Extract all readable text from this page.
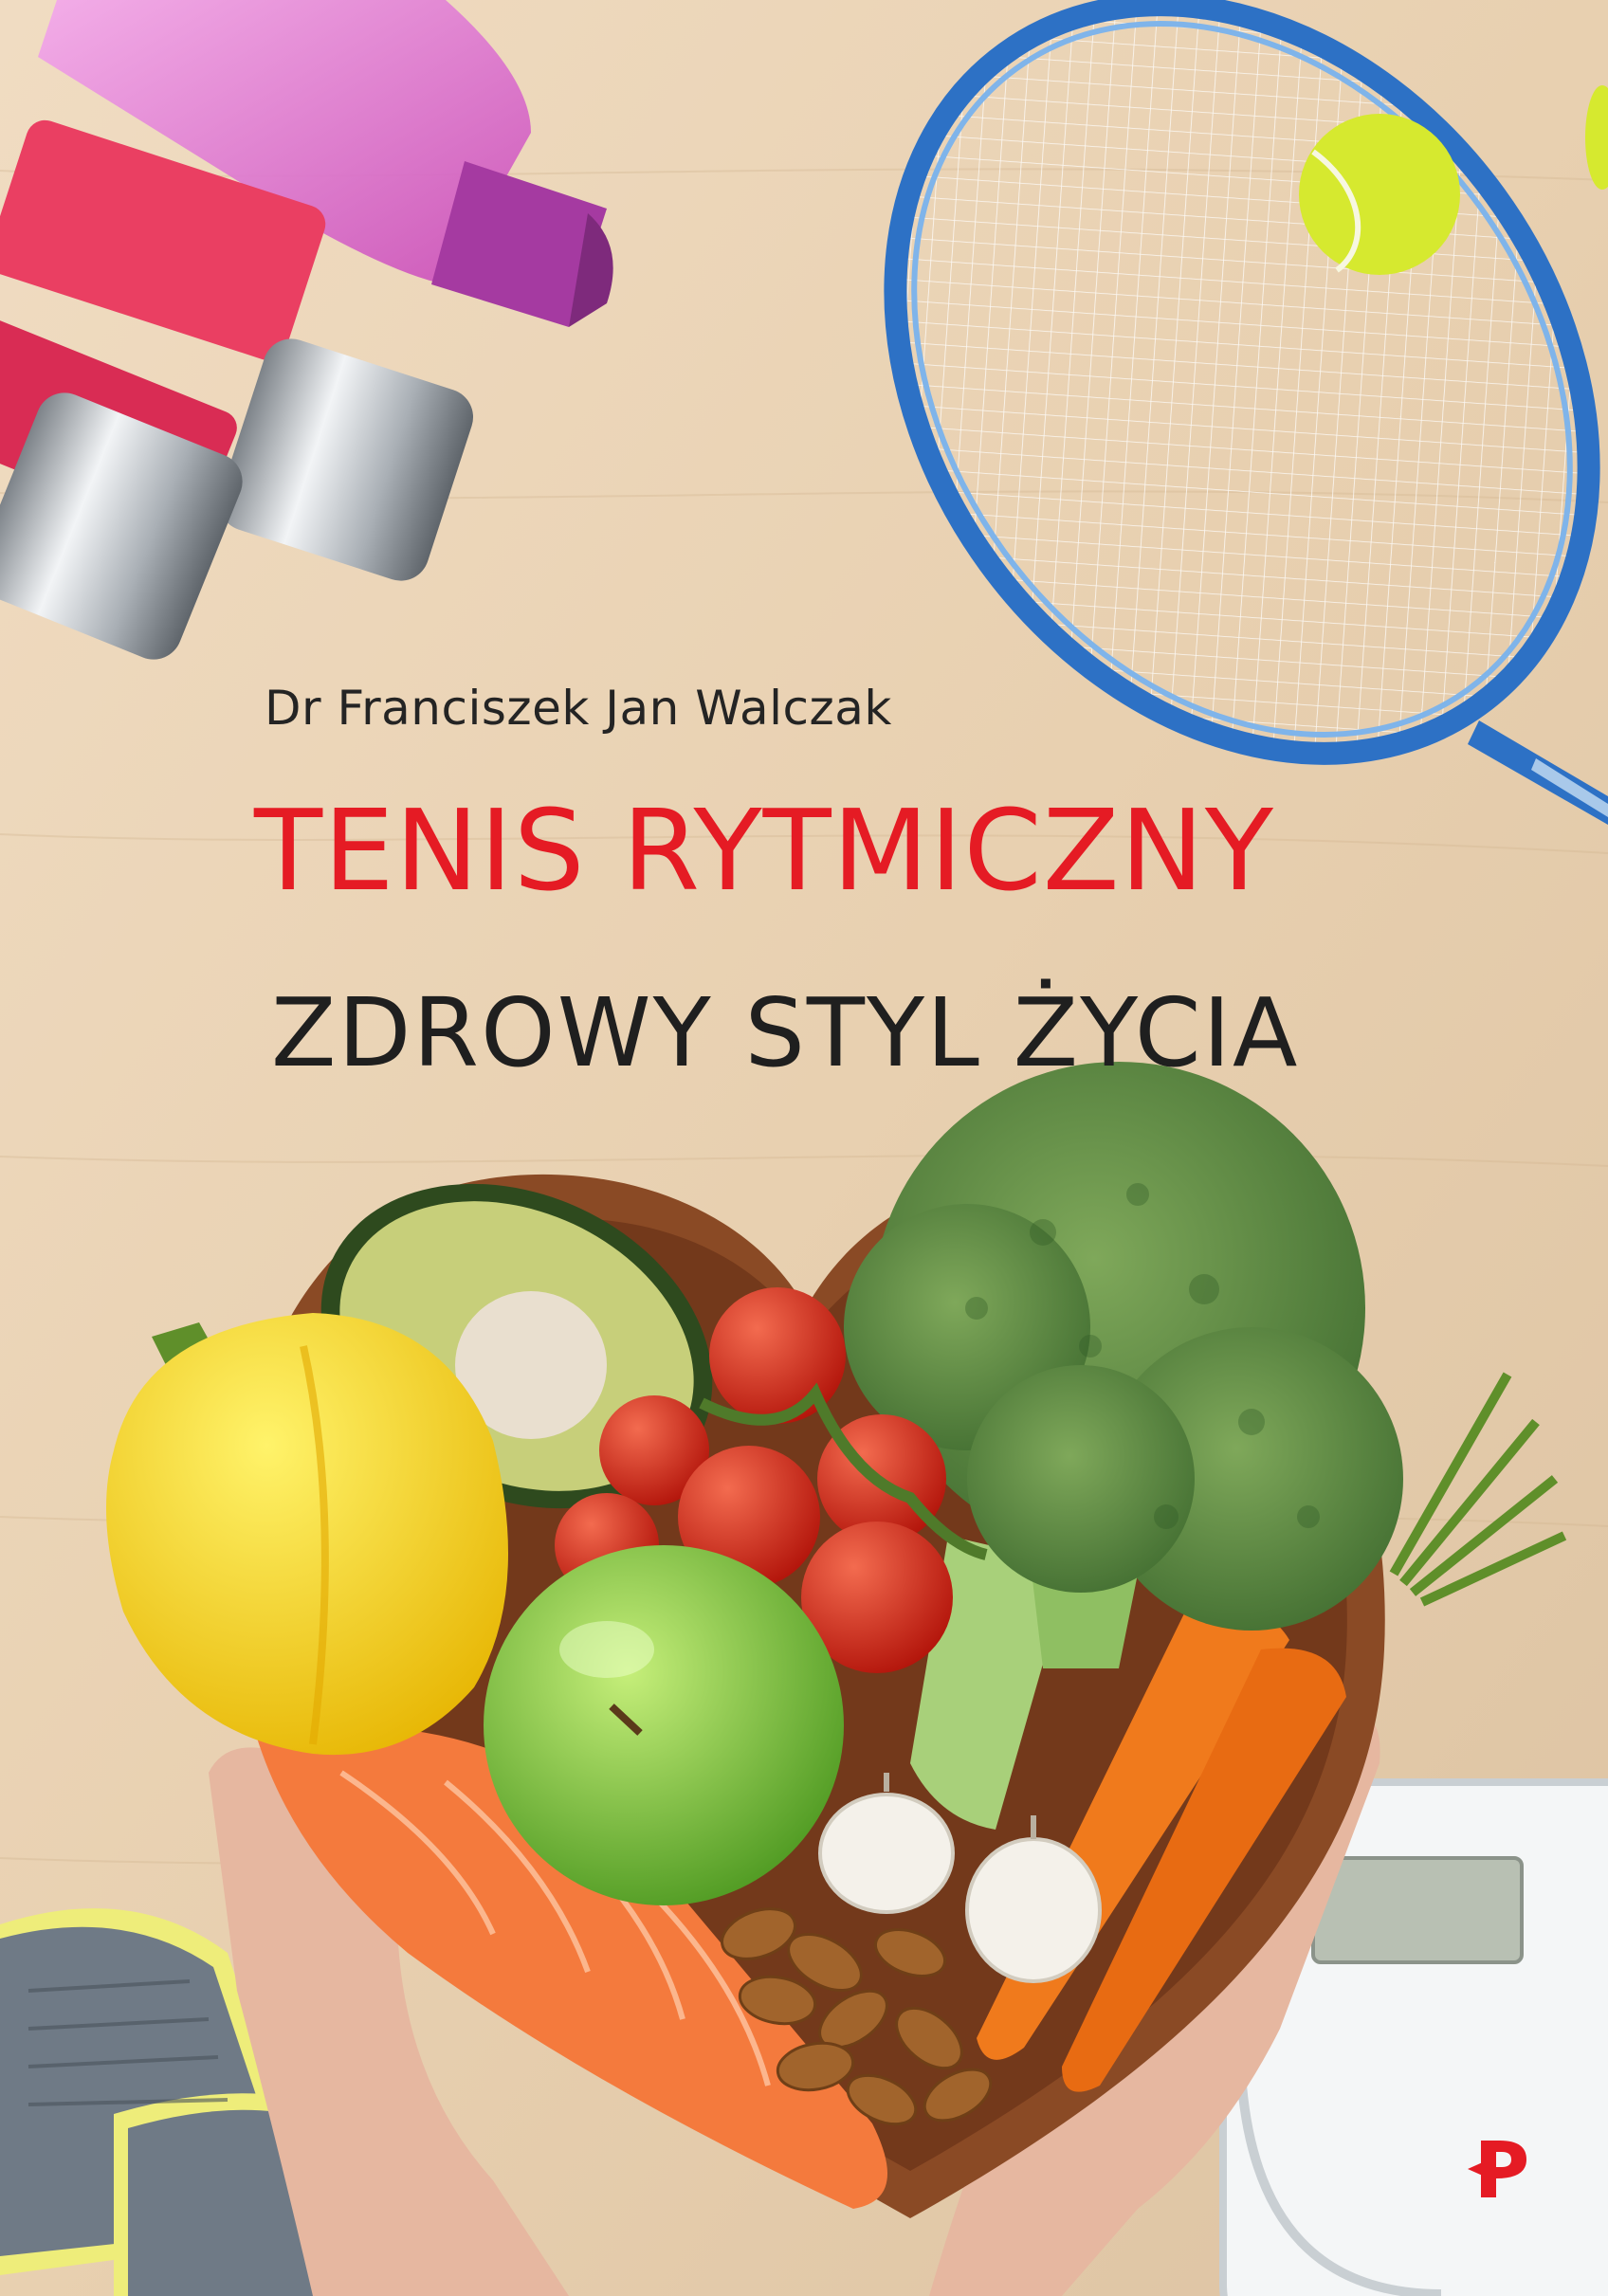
Dr Franciszek Jan Walczak
TENIS RYTMICZNY
ZDROWY STYL ŻYCIA
